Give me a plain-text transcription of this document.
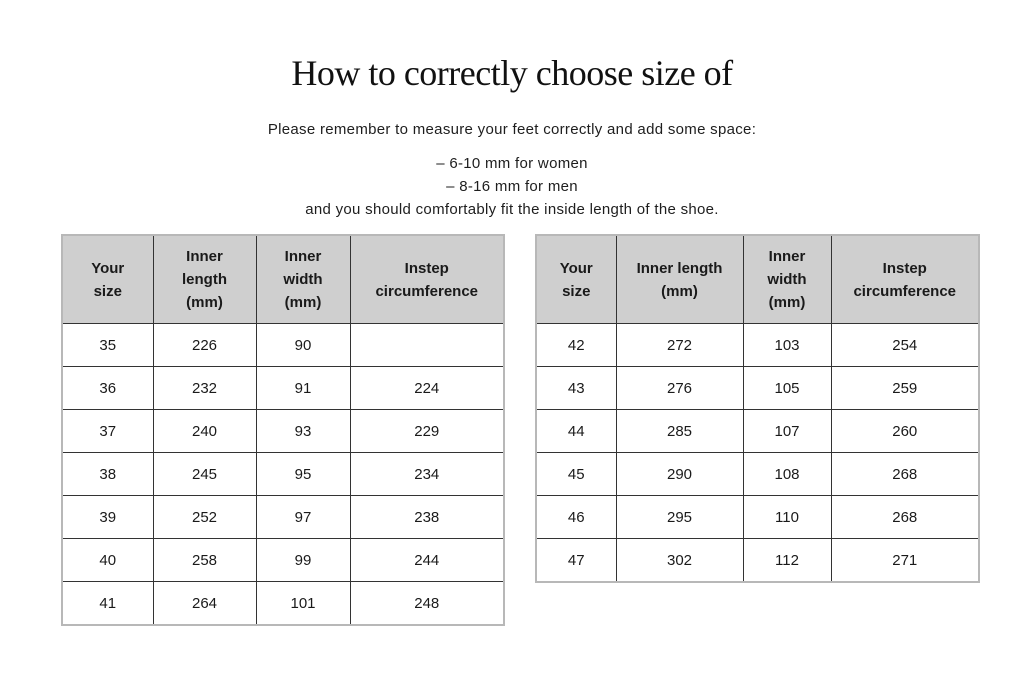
How to correctly choose size of
Please remember to measure your feet correctly and add some space:
– 6-10 mm for women
– 8-16 mm for men
and you should comfortably fit the inside length of the shoe.
Your size	Inner length (mm)	Inner width (mm)	Instep circumference
35	226	90	
36	232	91	224
37	240	93	229
38	245	95	234
39	252	97	238
40	258	99	244
41	264	101	248
Your size	Inner length (mm)	Inner width (mm)	Instep circumference
42	272	103	254
43	276	105	259
44	285	107	260
45	290	108	268
46	295	110	268
47	302	112	271
